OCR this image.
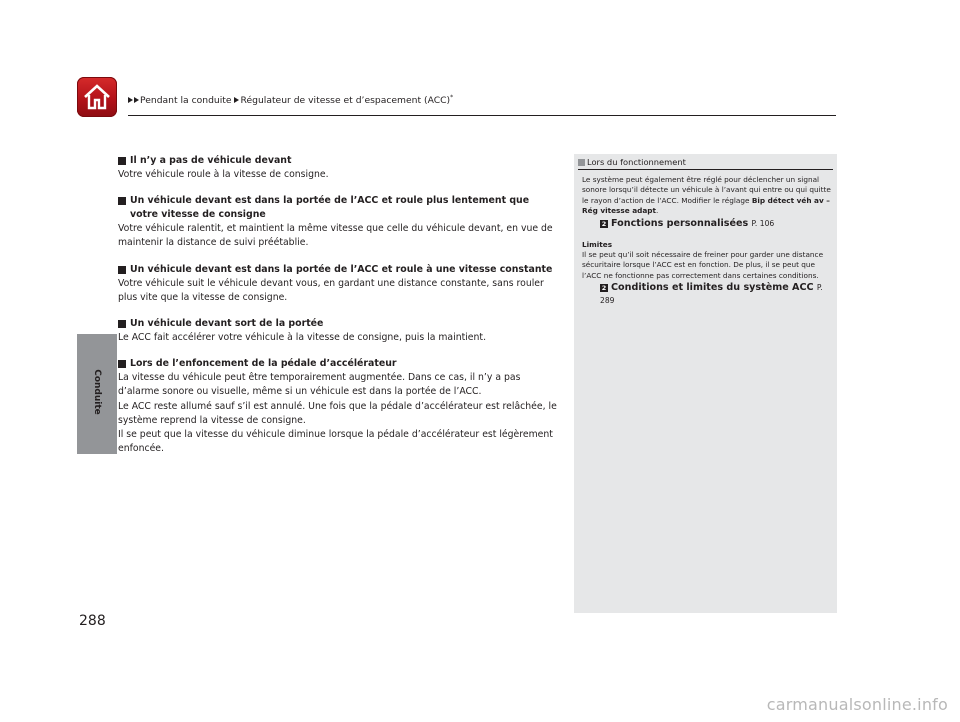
Pendant la conduite Régulateur de vitesse et d’espacement (ACC)*
Conduite
Il n’y a pas de véhicule devant

Votre véhicule roule à la vitesse de consigne.

Un véhicule devant est dans la portée de l’ACC et roule plus lentement que votre vitesse de consigne

Votre véhicule ralentit, et maintient la même vitesse que celle du véhicule devant, en vue de maintenir la distance de suivi préétablie.

Un véhicule devant est dans la portée de l’ACC et roule à une vitesse constante

Votre véhicule suit le véhicule devant vous, en gardant une distance constante, sans rouler plus vite que la vitesse de consigne.

Un véhicule devant sort de la portée

Le ACC fait accélérer votre véhicule à la vitesse de consigne, puis la maintient.

Lors de l’enfoncement de la pédale d’accélérateur

La vitesse du véhicule peut être temporairement augmentée. Dans ce cas, il n’y a pas d’alarme sonore ou visuelle, même si un véhicule est dans la portée de l’ACC.

Le ACC reste allumé sauf s’il est annulé. Une fois que la pédale d’accélérateur est relâchée, le système reprend la vitesse de consigne.

Il se peut que la vitesse du véhicule diminue lorsque la pédale d’accélérateur est légèrement enfoncée.

Lors du fonctionnement

Le système peut également être réglé pour déclencher un signal sonore lorsqu’il détecte un véhicule à l’avant qui entre ou qui quitte le rayon d’action de l’ACC. Modifier le réglage Bip détect véh av – Rég vitesse adapt.

2 Fonctions personnalisées P. 106

Limites

Il se peut qu’il soit nécessaire de freiner pour garder une distance sécuritaire lorsque l’ACC est en fonction. De plus, il se peut que l’ACC ne fonctionne pas correctement dans certaines conditions.

2 Conditions et limites du système ACC P. 289
288
carmanualsonline.info
